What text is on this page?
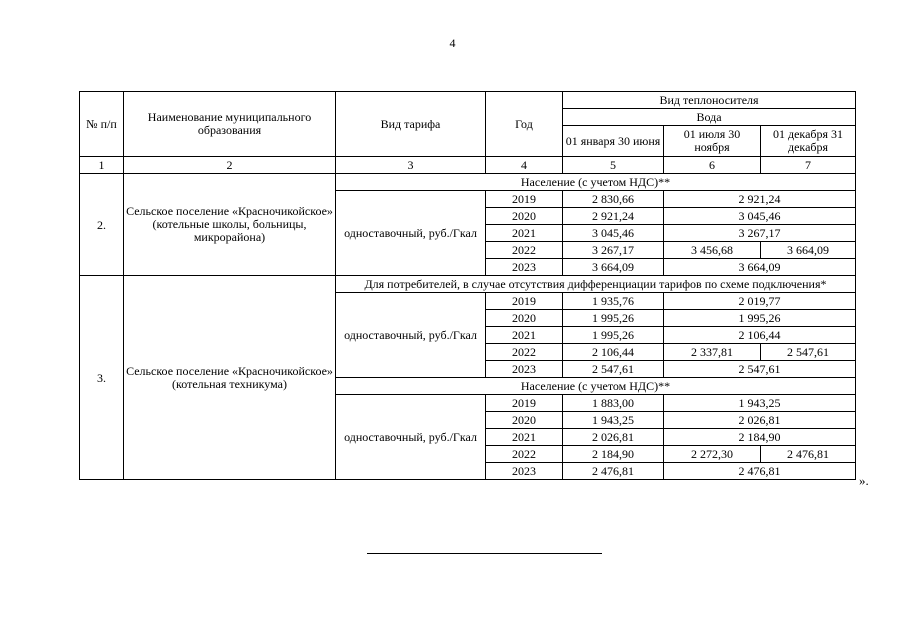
4
№ п/п	Наименование муниципального образования	Вид тарифа	Год	Вид теплоносителя		
				Вода		
				01 января 30 июня	01 июля 30 ноября	01 декабря 31 декабря
1	2	3	4	5	6	7
2.	Сельское поселение «Красночикойское» (котельные школы, больницы, микрорайона)	Население (с учетом НДС)**				
		одноставочный, руб./Гкал	2019	2 830,66	2 921,24	
			2020	2 921,24	3 045,46	
			2021	3 045,46	3 267,17	
			2022	3 267,17	3 456,68	3 664,09
			2023	3 664,09	3 664,09	
3.	Сельское поселение «Красночикойское» (котельная техникума)	Для потребителей, в случае отсутствия дифференциации тарифов по схеме подключения*				
		одноставочный, руб./Гкал	2019	1 935,76	2 019,77	
			2020	1 995,26	1 995,26	
			2021	1 995,26	2 106,44	
			2022	2 106,44	2 337,81	2 547,61
			2023	2 547,61	2 547,61	
		Население (с учетом НДС)**				
		одноставочный, руб./Гкал	2019	1 883,00	1 943,25	
			2020	1 943,25	2 026,81	
			2021	2 026,81	2 184,90	
			2022	2 184,90	2 272,30	2 476,81
			2023	2 476,81	2 476,81	
».
